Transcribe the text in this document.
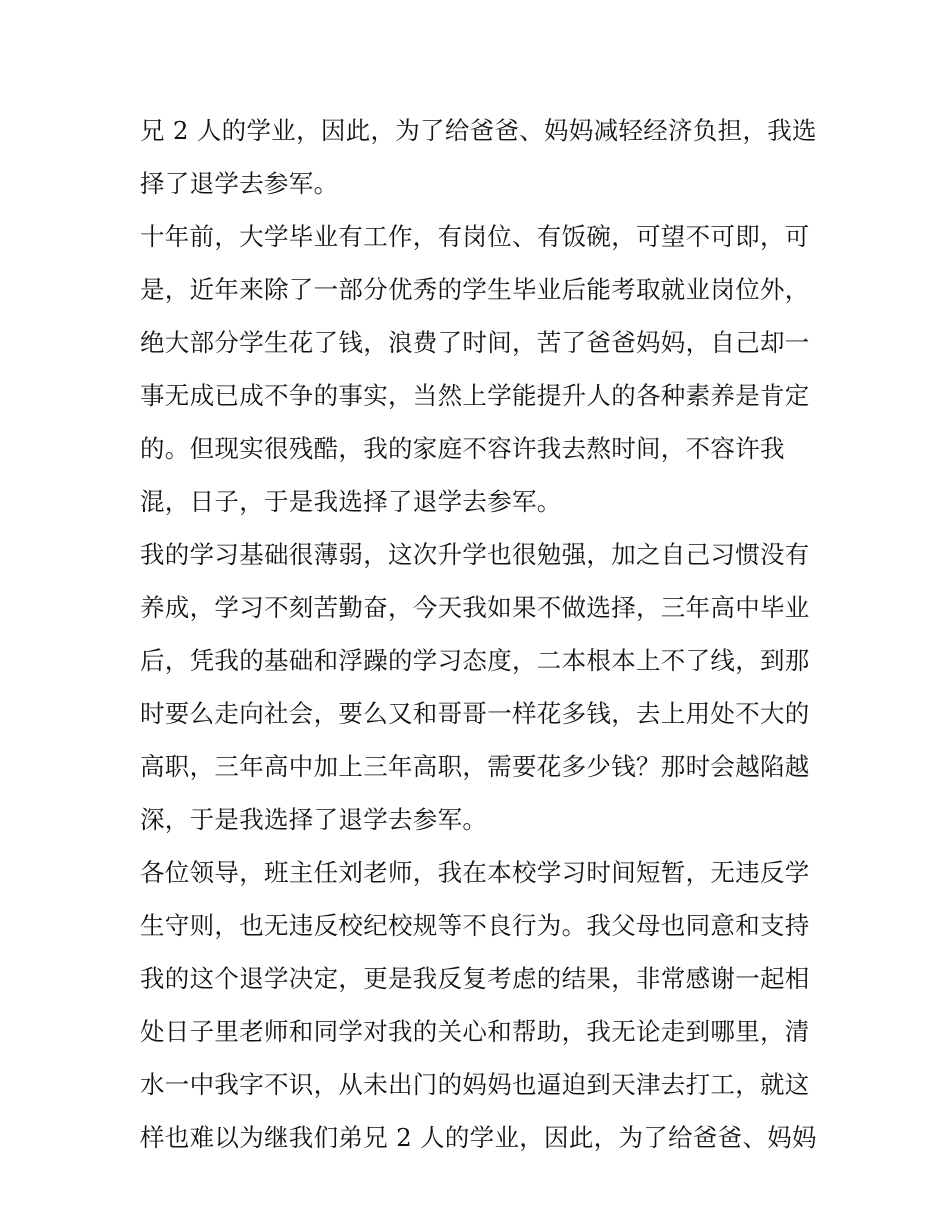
兄 2 人的学业，因此，为了给爸爸、妈妈减轻经济负担，我选
择了退学去参军。
十年前，大学毕业有工作，有岗位、有饭碗，可望不可即，可
是，近年来除了一部分优秀的学生毕业后能考取就业岗位外，
绝大部分学生花了钱，浪费了时间，苦了爸爸妈妈，自己却一
事无成已成不争的事实，当然上学能提升人的各种素养是肯定
的。但现实很残酷，我的家庭不容许我去熬时间，不容许我
混，日子，于是我选择了退学去参军。
我的学习基础很薄弱，这次升学也很勉强，加之自己习惯没有
养成，学习不刻苦勤奋，今天我如果不做选择，三年高中毕业
后，凭我的基础和浮躁的学习态度，二本根本上不了线，到那
时要么走向社会，要么又和哥哥一样花多钱，去上用处不大的
高职，三年高中加上三年高职，需要花多少钱？那时会越陷越
深，于是我选择了退学去参军。
各位领导，班主任刘老师，我在本校学习时间短暂，无违反学
生守则，也无违反校纪校规等不良行为。我父母也同意和支持
我的这个退学决定，更是我反复考虑的结果，非常感谢一起相
处日子里老师和同学对我的关心和帮助，我无论走到哪里，清
水一中我字不识，从未出门的妈妈也逼迫到天津去打工，就这
样也难以为继我们弟兄 2 人的学业，因此，为了给爸爸、妈妈
